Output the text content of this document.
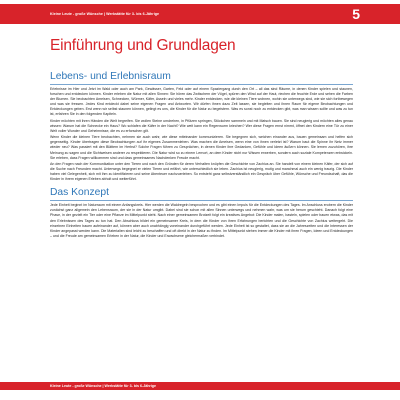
Kleine Leute - große Wünsche | Werkstätte für 3- bis 6-Jährige	5
Einführung und Grundlagen
Lebens- und Erlebnisraum

Erlebnisse im Hier und Jetzt im Wald oder auch am Park, Gewässer, Garten, Feld oder auf einem Spaziergang durch den Ort – all das sind Räume, in denen Kinder spielen und staunen, forschen und entdecken können. Kinder erleben die Natur mit allen Sinnen: Sie hören das Zwitschern der Vögel, spüren den Wind auf der Haut, riechen die feuchte Erde und sehen die Farben der Blumen. Sie beobachten Ameisen, Schnecken, Würmer, Käfer, Asseln und vieles mehr. Kinder entdecken, wie die kleinen Tiere wohnen, wohin sie unterwegs sind, wie sie sich fortbewegen und was sie fressen. Jedes Kind entdeckt dabei seine eigenen Fragen und Antworten. Wir dürfen ihnen dazu Zeit lassen, sie begleiten und ihnen Raum für eigene Beobachtungen und Entdeckungen geben. Erst wenn wir selbst staunen können, gelingt es uns, die Kinder für die Natur zu begeistern. Was es sonst noch zu entdecken gibt, was man wissen sollte und was zu tun ist, erfahren Sie in den folgenden Kapiteln.

Kinder möchten mit ihren Händen die Welt begreifen. Sie wollen Steine umdrehen, in Pfützen springen, Stöckchen sammeln und mit Matsch bauen. Sie sind neugierig und möchten alles genau wissen: Warum hat die Schnecke ein Haus? Wo schlafen die Käfer in der Nacht? Wie weit kann ein Regenwurm kriechen? Wer diese Fragen ernst nimmt, öffnet den Kindern eine Tür zu einer Welt voller Wunder und Geheimnisse, die es zu erforschen gilt.

Wenn Kinder die kleinen Tiere beobachten, nehmen sie auch wahr, wie diese miteinander kommunizieren. Sie begegnen sich, weichen einander aus, bauen gemeinsam und helfen sich gegenseitig. Kinder übertragen diese Beobachtungen auf ihr eigenes Zusammenleben. Was machen die Ameisen, wenn eine von ihnen verletzt ist? Warum baut die Spinne ihr Netz immer wieder neu? Was passiert mit den Blättern im Herbst? Solche Fragen führen zu Gesprächen, in denen Kinder ihre Gedanken, Gefühle und Ideen äußern können. Sie lernen zuzuhören, ihre Meinung zu sagen und die Sichtweisen anderer zu respektieren. Die Natur wird so zu einem Lernort, an dem Kinder nicht nur Wissen erwerben, sondern auch soziale Kompetenzen entwickeln. Sie erleben, dass Fragen willkommen sind und dass gemeinsames Nachdenken Freude macht.

An den Fragen nach der Kommunikation unter den Tieren und nach den Gründen für deren Verhalten knüpfen die Geschichte von Zachius an. Sie handelt von einem kleinen Käfer, der sich auf die Suche nach Freunden macht. Unterwegs begegnet er vielen Tieren und erfährt, wie unterschiedlich sie leben. Zachius ist neugierig, mutig und manchmal auch ein wenig traurig. Die Kinder haben viel Gelegenheit, sich mit ihm zu identifizieren und seine Abenteuer nachzuerleben. So entsteht ganz selbstverständlich ein Gespräch über Gefühle, Wünsche und Freundschaft, das die Kinder in ihrem eigenen Erleben abholt und weiterführt.

Das Konzept

Jede Einheit beginnt im Naturraum mit einem Anfangskreis. Hier werden die Waldregeln besprochen und es gibt einen Impuls für die Entdeckungen des Tages. Im Anschluss erobern die Kinder zunächst ganz allgemein den Lebensraum, der sie in der Natur umgibt. Dabei sind sie schon mit allen Sinnen unterwegs und nehmen wahr, was um sie herum geschieht. Danach folgt eine Phase, in der gezielt ein Tier oder eine Pflanze im Mittelpunkt steht. Nach einer gemeinsamen Brotzeit folgt ein kreatives Angebot: Die Kinder malen, basteln, spielen oder bauen etwas, das mit den Erlebnissen des Tages zu tun hat. Den Abschluss bildet ein gemeinsamer Kreis, in dem die Kinder von ihren Erfahrungen berichten und die Geschichte von Zachius weitergeht. Die einzelnen Einheiten bauen aufeinander auf, können aber auch unabhängig voneinander durchgeführt werden. Jede Einheit ist so gestaltet, dass sie an die Jahreszeiten und die Interessen der Kinder angepasst werden kann. Die Materialien sind leicht zu beschaffen und oft direkt in der Natur zu finden. Im Mittelpunkt stehen immer die Kinder mit ihren Fragen, Ideen und Entdeckungen – und die Freude am gemeinsamen Erleben in der Natur, die Kinder und Erwachsene gleichermaßen verbindet.

Kleine Leute - große Wünsche | Werkstätte für 3- bis 6-Jährige
